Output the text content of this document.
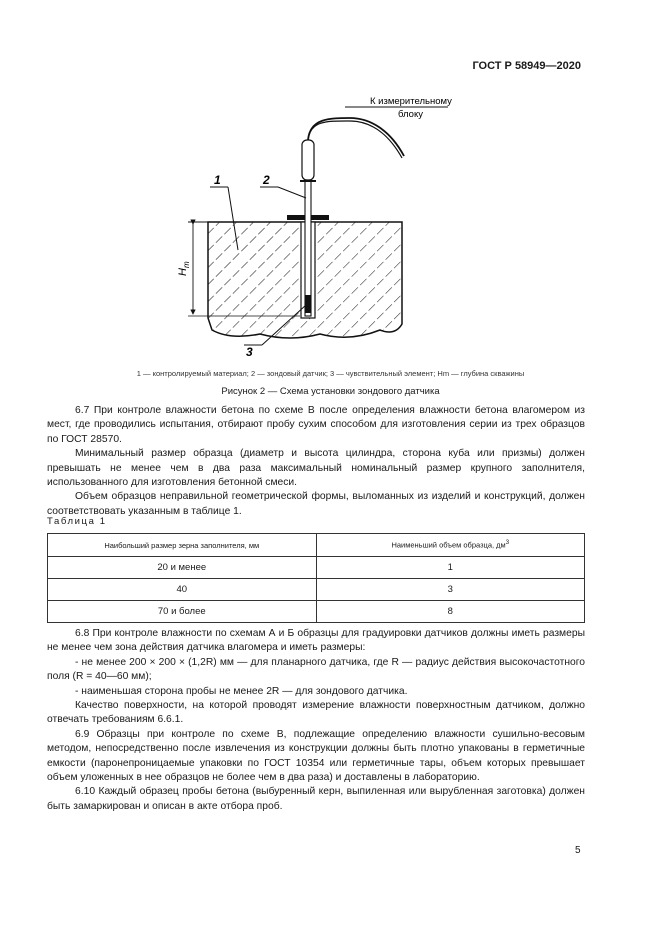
ГОСТ Р 58949—2020
К измерительному
блоку
1	2
3
$H_m$
1 — контролируемый материал; 2 — зондовый датчик; 3 — чувствительный элемент; Hm — глубина скважины
Рисунок 2 — Схема установки зондового датчика

6.7 При контроле влажности бетона по схеме В после определения влажности бетона влагомером из мест, где проводились испытания, отбирают пробу сухим способом для изготовления серии из трех образцов по ГОСТ 28570.

Минимальный размер образца (диаметр и высота цилиндра, сторона куба или призмы) должен превышать не менее чем в два раза максимальный номинальный размер крупного заполнителя, использованного для изготовления бетонной смеси.

Объем образцов неправильной геометрической формы, выломанных из изделий и конструкций, должен соответствовать указанным в таблице 1.

Таблица 1
Наибольший размер зерна заполнителя, мм	Наименьший объем образца, $дм^3$
20 и менее	1
40	3
70 и более	8

6.8 При контроле влажности по схемам А и Б образцы для градуировки датчиков должны иметь размеры не менее чем зона действия датчика влагомера и иметь размеры:

- не менее 200 × 200 × (1,2R) мм — для планарного датчика, где R — радиус действия высокочастотного поля (R = 40—60 мм);

- наименьшая сторона пробы не менее 2R — для зондового датчика.

Качество поверхности, на которой проводят измерение влажности поверхностным датчиком, должно отвечать требованиям 6.6.1.

6.9 Образцы при контроле по схеме В, подлежащие определению влажности сушильно-весовым методом, непосредственно после извлечения из конструкции должны быть плотно упакованы в герметичные емкости (паронепроницаемые упаковки по ГОСТ 10354 или герметичные тары, объем которых превышает объем уложенных в нее образцов не более чем в два раза) и доставлены в лабораторию.

6.10 Каждый образец пробы бетона (выбуренный керн, выпиленная или вырубленная заготовка) должен быть замаркирован и описан в акте отбора проб.

5
